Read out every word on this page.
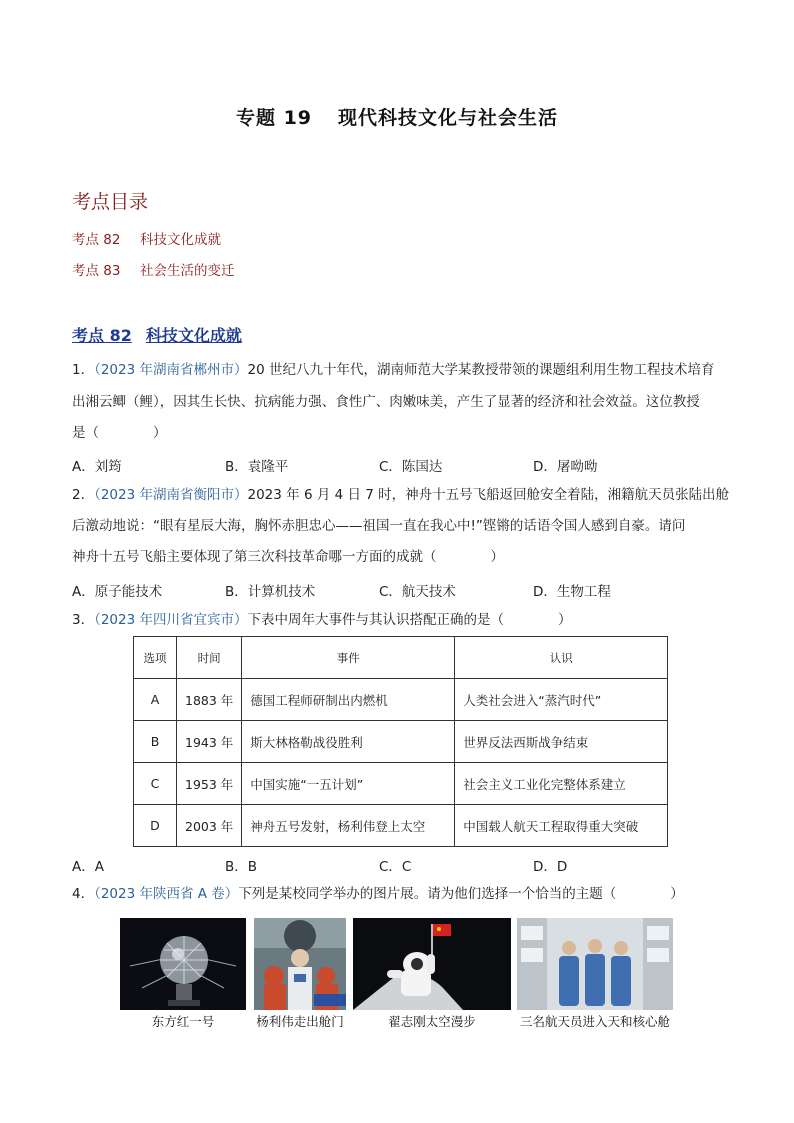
专题 19 现代科技文化与社会生活
考点目录
考点 82 科技文化成就
考点 83 社会生活的变迁
考点 82 科技文化成就
1．（2023 年湖南省郴州市）20 世纪八九十年代，湖南师范大学某教授带领的课题组利用生物工程技术培育
出湘云鲫（鲤），因其生长快、抗病能力强、食性广、肉嫩味美，产生了显著的经济和社会效益。这位教授
是（　　　　）
A．刘筠	B．袁隆平	C．陈国达	D．屠呦呦
2．（2023 年湖南省衡阳市）2023 年 6 月 4 日 7 时，神舟十五号飞船返回舱安全着陆，湘籍航天员张陆出舱
后激动地说：“眼有星辰大海，胸怀赤胆忠心——祖国一直在我心中!”铿锵的话语令国人感到自豪。请问
神舟十五号飞船主要体现了第三次科技革命哪一方面的成就（　　　　）
A．原子能技术	B．计算机技术	C．航天技术	D．生物工程
3．（2023 年四川省宜宾市）下表中周年大事件与其认识搭配正确的是（　　　　）
选项	时间	事件	认识
A	1883 年	德国工程师研制出内燃机	人类社会进入“蒸汽时代”
B	1943 年	斯大林格勒战役胜利	世界反法西斯战争结束
C	1953 年	中国实施“一五计划”	社会主义工业化完整体系建立
D	2003 年	神舟五号发射，杨利伟登上太空	中国载人航天工程取得重大突破
A．A	B．B	C．C	D．D
4．（2023 年陕西省 A 卷）下列是某校同学举办的图片展。请为他们选择一个恰当的主题（　　　　）
东方红一号	杨利伟走出舱门	翟志刚太空漫步	三名航天员进入天和核心舱
